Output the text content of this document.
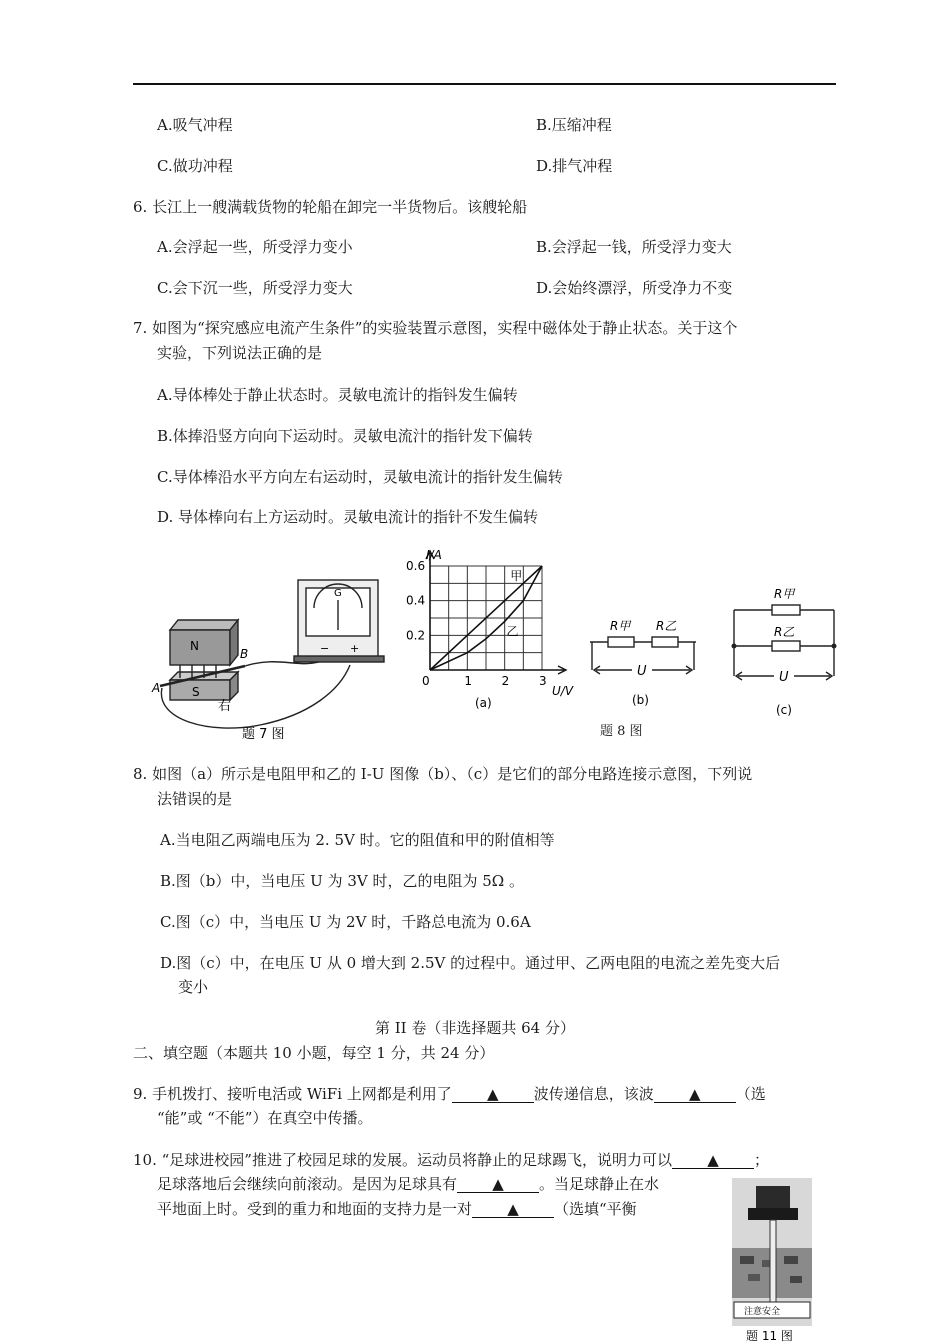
A.吸气冲程	B.压缩冲程
C.做功冲程	D.排气冲程
6. 长江上一艘满载货物的轮船在卸完一半货物后。该艘轮船
A.会浮起一些，所受浮力变小	B.会浮起一钱，所受浮力变大
C.会下沉一些，所受浮力变大	D.会始终漂浮，所受净力不变
7. 如图为“探究感应电流产生条件”的实验装置示意图，实程中磁体处于静止状态。关于这个
实验，下列说法正确的是
A.导体棒处于静止状态时。灵敏电流计的指钭发生偏转
B.体捧沿竖方向向下运动时。灵敏电流汁的指针发下偏转
C.导体棒沿水平方向左右运动时，灵敏电流计的指针发生偏转
D. 导体棒向右上方运动时。灵敏电流计的指针不发生偏转
N
S
A
B
右
G
− +
题 7 图
0	1 2 3
0.2
0.4
0.6
甲
乙
I/A
U/V
(a)
R甲 R乙
U
(b)
R甲
R乙
U
(c)
题 8 图
8. 如图（a）所示是电阻甲和乙的 I-U 图像（b）、（c）是它们的部分电路连接示意图，下列说
法错误的是
A.当电阻乙两端电压为 2. 5V 时。它的阻值和甲的附值相等
B.图（b）中，当电压 U 为 3V 时，乙的电阻为 5Ω 。
C.图（c）中，当电压 U 为 2V 时，千路总电流为 0.6A
D.图（c）中，在电压 U 从 0 增大到 2.5V 的过程中。通过甲、乙两电阻的电流之差先变大后
变小
第 II 卷（非选择题共 64 分）
二、填空题（本题共 10 小题，每空 1 分，共 24 分）
9. 手机拨打、接听电活或 WiFi 上网都是利用了 ▲ 波传递信息，该波 ▲ （选
“能”或 “不能”）在真空中传播。
10. “足球进校园”推进了校园足球的发展。运动员将静止的足球踢飞，说明力可以 ▲ ；
足球落地后会继续向前滚动。是因为足球具有 ▲ 。当足球静止在水
平地面上时。受到的重力和地面的支持力是一对 ▲ （选填“平衡
注意安全
题 11 图
